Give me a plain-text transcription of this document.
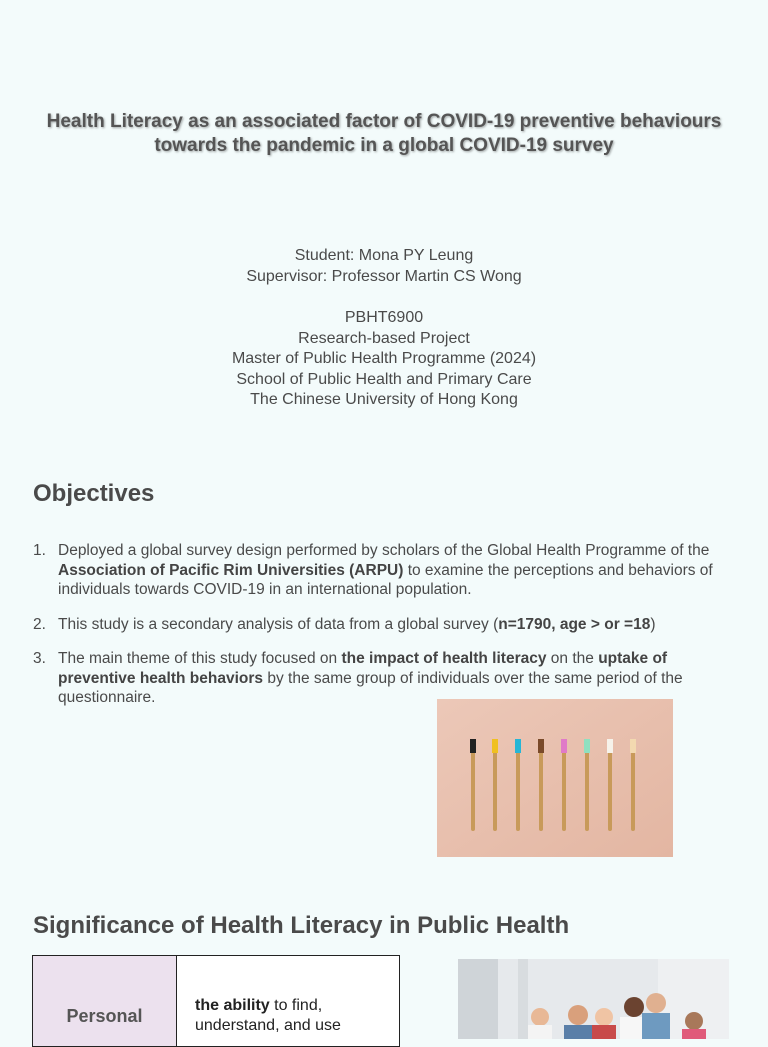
Health Literacy as an associated factor of COVID-19 preventive behaviours
towards the pandemic in a global COVID-19 survey
Student: Mona PY Leung
Supervisor: Professor Martin CS Wong
PBHT6900
Research-based Project
Master of Public Health Programme (2024)
School of Public Health and Primary Care
The Chinese University of Hong Kong
Objectives
1. Deployed a global survey design performed by scholars of the Global Health Programme of the Association of Pacific Rim Universities (ARPU) to examine the perceptions and behaviors of individuals towards COVID-19 in an international population.
2. This study is a secondary analysis of data from a global survey (n=1790, age > or =18)
3. The main theme of this study focused on the impact of health literacy on the uptake of preventive health behaviors by the same group of individuals over the same period of the questionnaire.
Significance of Health Literacy in Public Health
Personal	the ability to find, understand, and use
